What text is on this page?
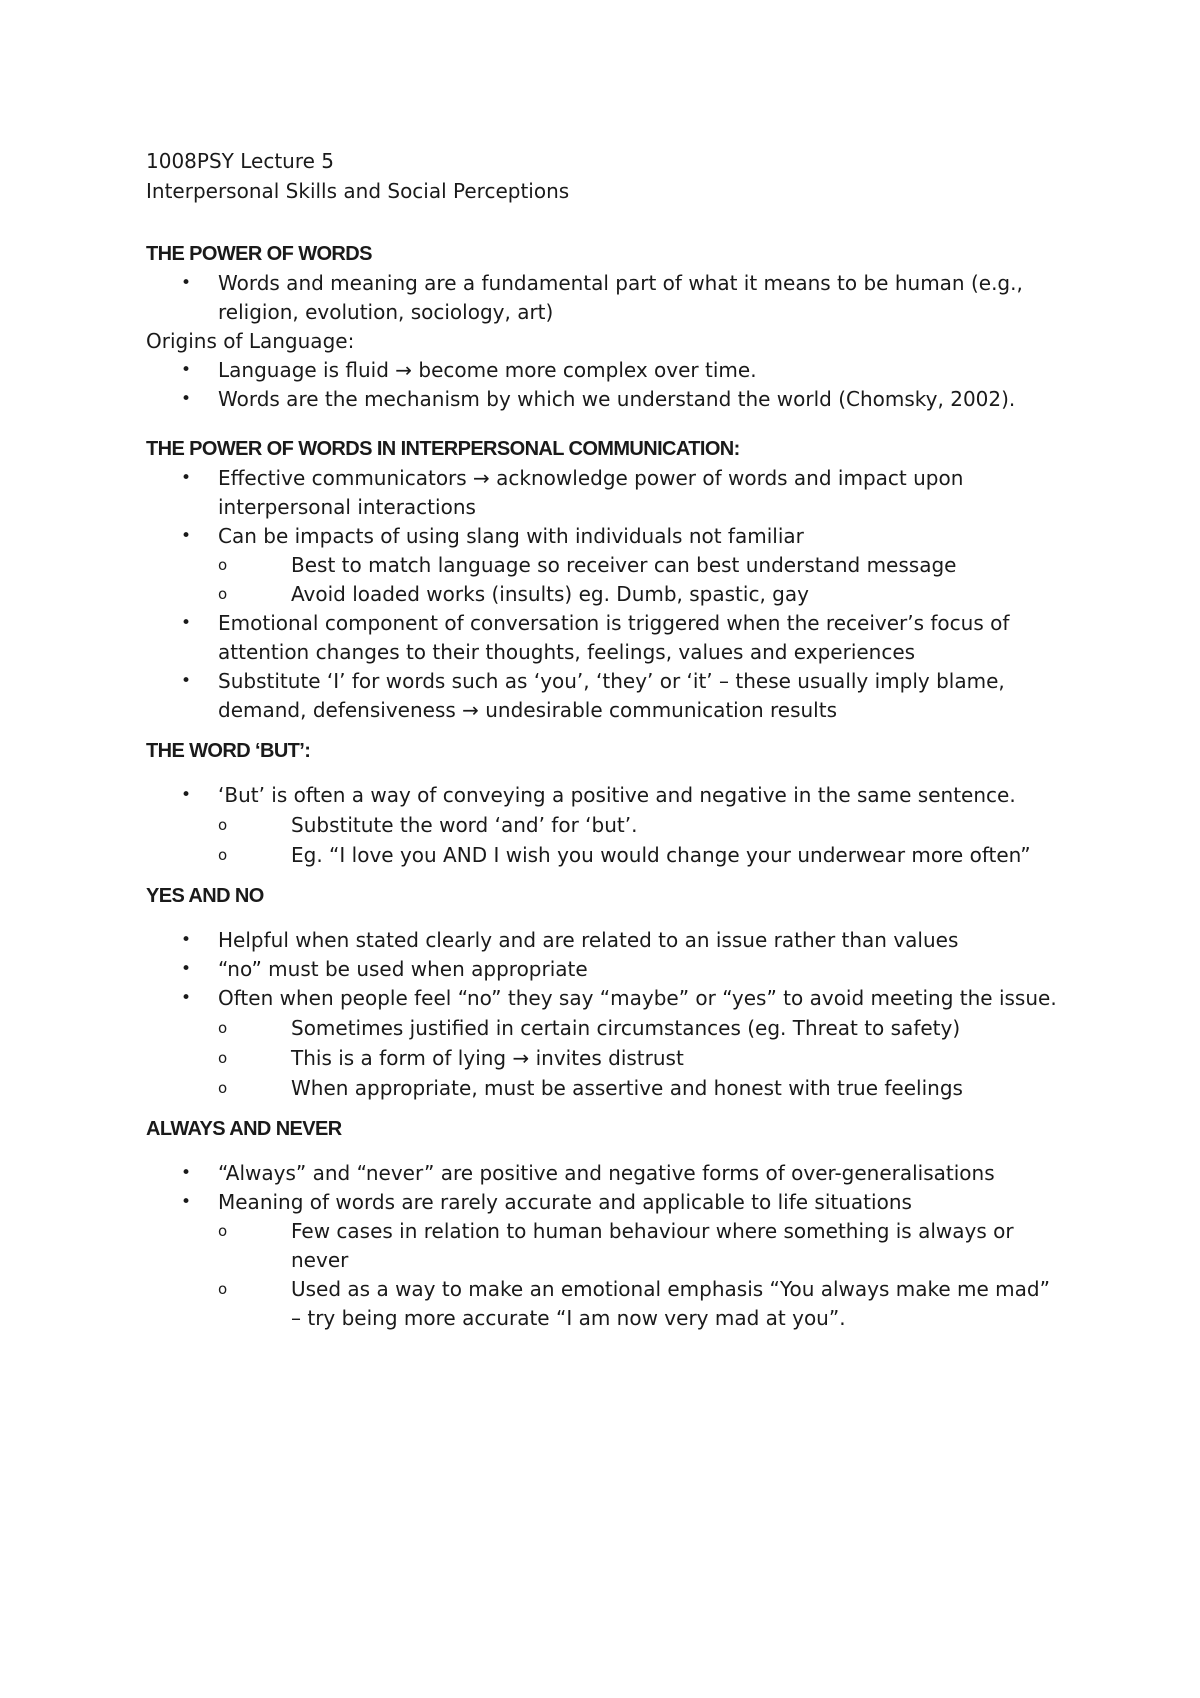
1008PSY Lecture 5

Interpersonal Skills and Social Perceptions

THE POWER OF WORDS

• Words and meaning are a fundamental part of what it means to be human (e.g., religion, evolution, sociology, art)

Origins of Language:

• Language is fluid → become more complex over time.
• Words are the mechanism by which we understand the world (Chomsky, 2002).

THE POWER OF WORDS IN INTERPERSONAL COMMUNICATION:

• Effective communicators → acknowledge power of words and impact upon interpersonal interactions
• Can be impacts of using slang with individuals not familiar
o	Best to match language so receiver can best understand message
o	Avoid loaded works (insults) eg. Dumb, spastic, gay
• Emotional component of conversation is triggered when the receiver’s focus of attention changes to their thoughts, feelings, values and experiences
• Substitute ‘I’ for words such as ‘you’, ‘they’ or ‘it’ – these usually imply blame, demand, defensiveness → undesirable communication results

THE WORD ‘BUT’:

• ‘But’ is often a way of conveying a positive and negative in the same sentence.
o	Substitute the word ‘and’ for ‘but’.
o	Eg. “I love you AND I wish you would change your underwear more often”

YES AND NO

• Helpful when stated clearly and are related to an issue rather than values
• “no” must be used when appropriate
• Often when people feel “no” they say “maybe” or “yes” to avoid meeting the issue.
o	Sometimes justified in certain circumstances (eg. Threat to safety)
o	This is a form of lying → invites distrust
o	When appropriate, must be assertive and honest with true feelings

ALWAYS AND NEVER

• “Always” and “never” are positive and negative forms of over-generalisations
• Meaning of words are rarely accurate and applicable to life situations
o	Few cases in relation to human behaviour where something is always or never
o	Used as a way to make an emotional emphasis “You always make me mad” – try being more accurate “I am now very mad at you”.
